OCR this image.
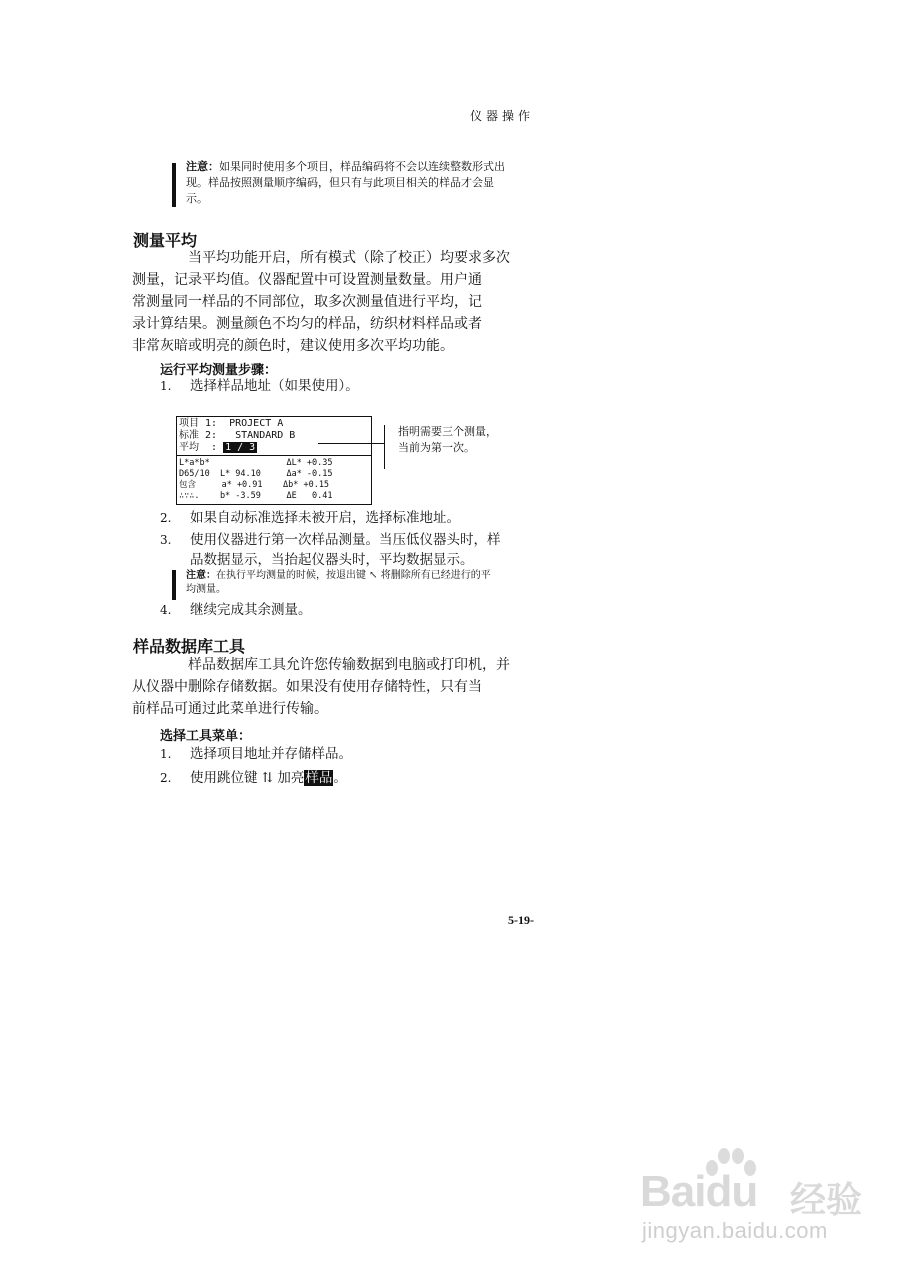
仪器操作
注意：如果同时使用多个项目，样品编码将不会以连续整数形式出
现。样品按照测量顺序编码，但只有与此项目相关的样品才会显
示。
测量平均
当平均功能开启，所有模式（除了校正）均要求多次
测量，记录平均值。仪器配置中可设置测量数量。用户通
常测量同一样品的不同部位，取多次测量值进行平均，记
录计算结果。测量颜色不均匀的样品，纺织材料样品或者
非常灰暗或明亮的颜色时，建议使用多次平均功能。
运行平均测量步骤：
1. 选择样品地址（如果使用）。
项目 1:  PROJECT A
标准 2:   STANDARD B
平均  : 1 / 3
L*a*b*               ΔL* +0.35
D65/10  L* 94.10     Δa* -0.15
包含     a* +0.91    Δb* +0.15
∴∵∴.    b* -3.59     ΔE   0.41
指明需要三个测量，
当前为第一次。
2. 如果自动标准选择未被开启，选择标准地址。
3. 使用仪器进行第一次样品测量。当压低仪器头时，样
品数据显示，当抬起仪器头时，平均数据显示。
注意：在执行平均测量的时候，按退出键 ↖ 将删除所有已经进行的平
均测量。
4. 继续完成其余测量。
样品数据库工具
样品数据库工具允许您传输数据到电脑或打印机，并
从仪器中删除存储数据。如果没有使用存储特性，只有当
前样品可通过此菜单进行传输。
选择工具菜单：
1. 选择项目地址并存储样品。
2. 使用跳位键 ⇅ 加亮样品。
5-19-
Baidu 经验
jingyan.baidu.com
